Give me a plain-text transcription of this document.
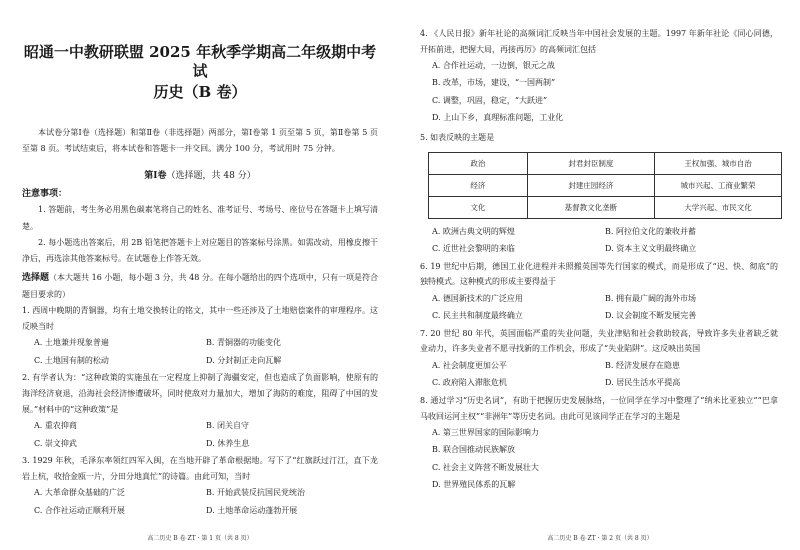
昭通一中教研联盟 2025 年秋季学期高二年级期中考试
历史（B 卷）
本试卷分第Ⅰ卷（选择题）和第Ⅱ卷（非选择题）两部分，第Ⅰ卷第 1 页至第 5 页，第Ⅱ卷第 5 页至第 8 页。考试结束后，将本试卷和答题卡一并交回。满分 100 分，考试用时 75 分钟。
第Ⅰ卷（选择题，共 48 分）
注意事项：
1. 答题前，考生务必用黑色碳素笔将自己的姓名、准考证号、考场号、座位号在答题卡上填写清楚。
2. 每小题选出答案后，用 2B 铅笔把答题卡上对应题目的答案标号涂黑。如需改动，用橡皮擦干净后，再选涂其他答案标号。在试题卷上作答无效。
选择题（本大题共 16 小题，每小题 3 分，共 48 分。在每小题给出的四个选项中，只有一项是符合题目要求的）
1. 西周中晚期的青铜器，均有土地交换转让的铭文，其中一些还涉及了土地赔偿案件的审理程序。这反映当时
A. 土地兼并现象普遍	B. 青铜器的功能变化
C. 土地国有制的松动	D. 分封制正走向瓦解
2. 有学者认为：“这种政策的实施虽在一定程度上抑制了海疆安定，但也造成了负面影响，使原有的海洋经济衰退，沿海社会经济惨遭破坏，同时使敌对力量加大，增加了海防的难度，阻碍了中国的发展。”材料中的“这种政策”是
A. 重农抑商	B. 闭关自守
C. 崇文抑武	D. 休养生息
3. 1929 年秋，毛泽东率领红四军入闽，在当地开辟了革命根据地。写下了“红旗跃过汀江，直下龙岩上杭，收拾金瓯一片，分田分地真忙”的诗篇。由此可知，当时
A. 大革命群众基础的广泛	B. 开始武装反抗国民党统治
C. 合作社运动正顺利开展	D. 土地革命运动蓬勃开展
高二历史 B 卷 ZT · 第 1 页（共 8 页）
4. 《人民日报》新年社论的高频词汇反映当年中国社会发展的主题。1997 年新年社论《同心同德，开拓前进，把握大局，再接再厉》的高频词汇包括
A. 合作社运动，一边倒，银元之战
B. 改革，市场，建设，“一国两制”
C. 调整，巩固，稳定，“大跃进”
D. 上山下乡，真理标准问题，工业化
5. 如表反映的主题是
政治	封君封臣制度	王权加强、城市自治
经济	封建庄园经济	城市兴起、工商业繁荣
文化	基督教文化垄断	大学兴起、市民文化
A. 欧洲古典文明的辉煌	B. 阿拉伯文化的兼收并蓄
C. 近世社会黎明的来临	D. 资本主义文明最终确立
6. 19 世纪中后期，德国工业化进程并未照搬英国等先行国家的模式，而是形成了“迟、快、彻底”的独特模式。这种模式的形成主要得益于
A. 德国新技术的广泛应用	B. 拥有最广阔的海外市场
C. 民主共和制度最终确立	D. 议会制度不断发展完善
7. 20 世纪 80 年代，英国面临严重的失业问题，失业津贴和社会救助较高，导致许多失业者缺乏就业动力，许多失业者不愿寻找新的工作机会，形成了“失业陷阱”。这反映出英国
A. 社会制度更加公平	B. 经济发展存在隐患
C. 政府陷入滞胀危机	D. 居民生活水平提高
8. 通过学习“历史名词”，有助于把握历史发展脉络，一位同学在学习中整理了“纳米比亚独立”“巴拿马收回运河主权”“非洲年”等历史名词。由此可见该同学正在学习的主题是
A. 第三世界国家的国际影响力
B. 联合国推动民族解放
C. 社会主义阵营不断发展壮大
D. 世界殖民体系的瓦解
高二历史 B 卷 ZT · 第 2 页（共 8 页）
